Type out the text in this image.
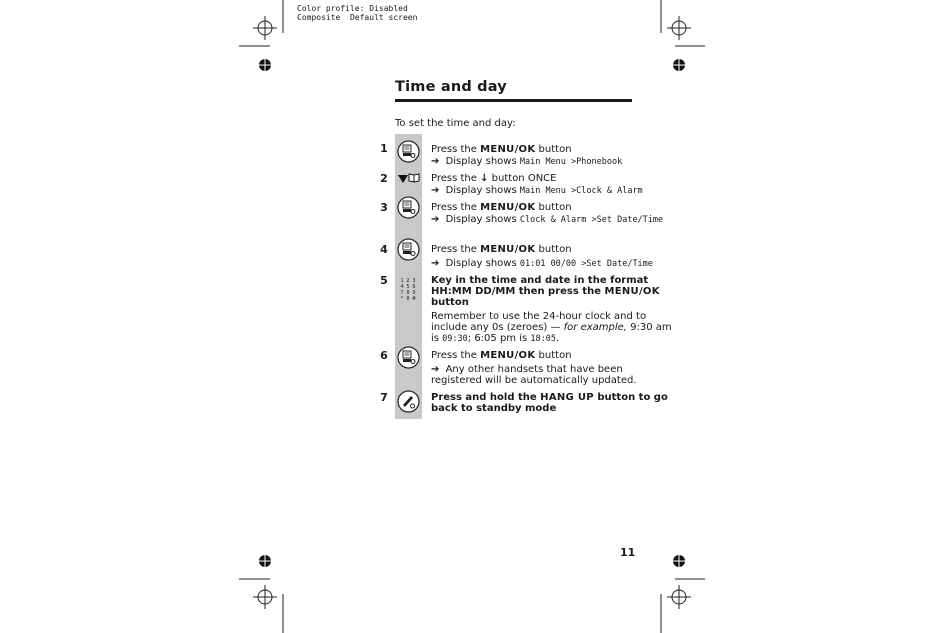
Color profile: Disabled
Composite  Default screen
Time and day
To set the time and day:
1	Press the MENU/OK button
➔ Display shows Main Menu >Phonebook
2	Press the ↓ button ONCE
➔ Display shows Main Menu >Clock & Alarm
3	Press the MENU/OK button
➔ Display shows Clock & Alarm >Set Date/Time
4	Press the MENU/OK button
➔ Display shows 01:01 00/00 >Set Date/Time
5	1 2 3
4 5 6
7 8 9
* 0 #
Key in the time and date in the format
HH:MM DD/MM then press the MENU/OK
button
Remember to use the 24-hour clock and to
include any 0s (zeroes) — for example, 9:30 am
is 09:30; 6:05 pm is 18:05.
6	Press the MENU/OK button
➔ Any other handsets that have been
registered will be automatically updated.
7	Press and hold the HANG UP button to go
back to standby mode
11
